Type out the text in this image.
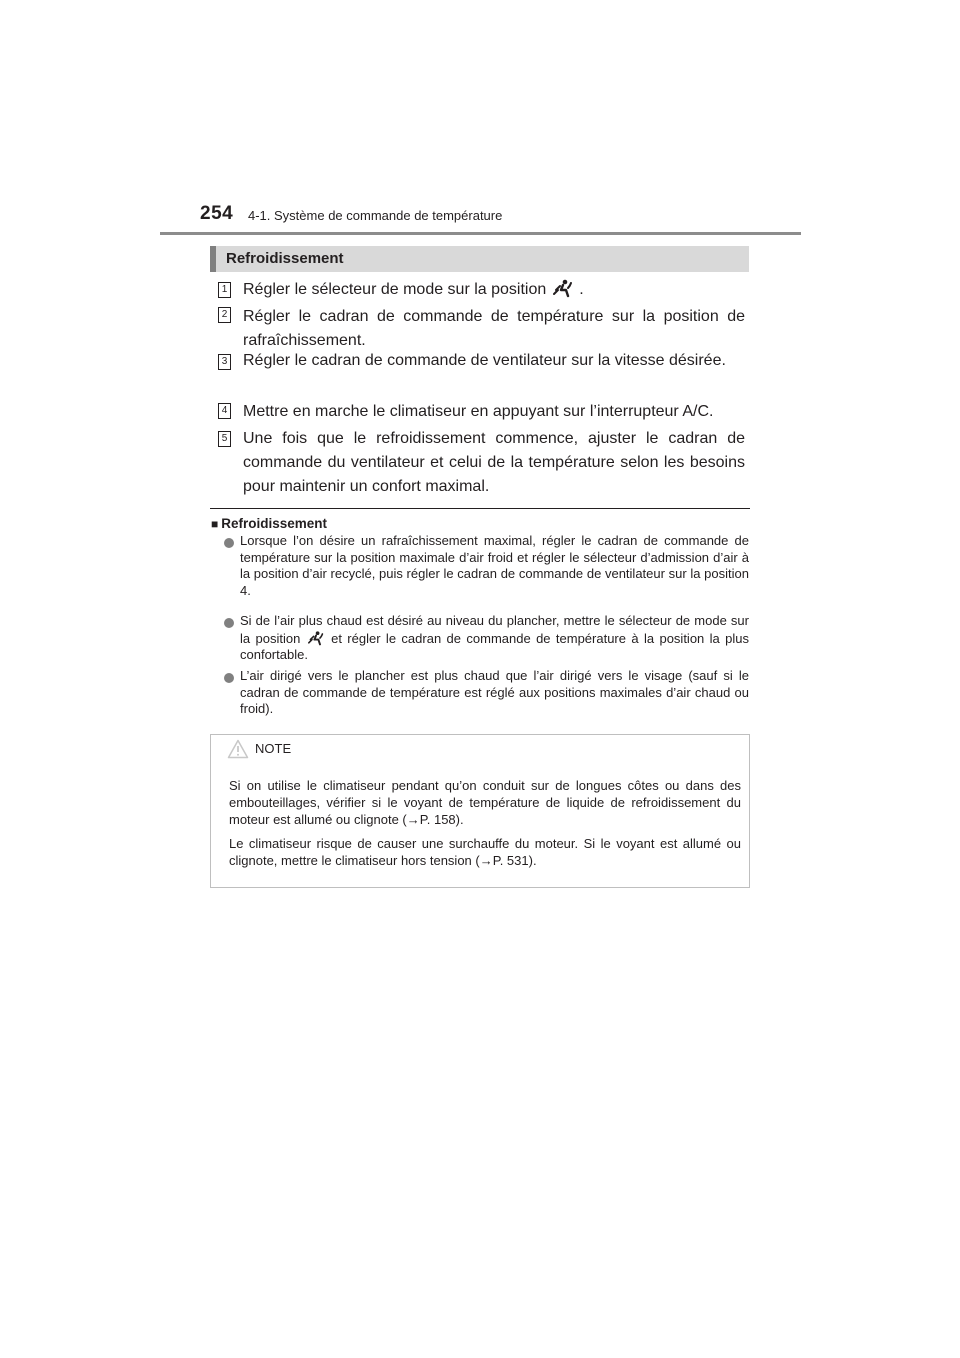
254 4-1. Système de commande de température
Refroidissement
1 Régler le sélecteur de mode sur la position .
2 Régler le cadran de commande de température sur la position de rafraîchissement.
3 Régler le cadran de commande de ventilateur sur la vitesse désirée.
4 Mettre en marche le climatiseur en appuyant sur l’interrupteur A/C.
5 Une fois que le refroidissement commence, ajuster le cadran de commande du ventilateur et celui de la température selon les besoins pour maintenir un confort maximal.
■ Refroidissement
Lorsque l’on désire un rafraîchissement maximal, régler le cadran de commande de température sur la position maximale d’air froid et régler le sélecteur d’admission d’air à la position d’air recyclé, puis régler le cadran de commande de ventilateur sur la position 4.
Si de l’air plus chaud est désiré au niveau du plancher, mettre le sélecteur de mode sur la position et régler le cadran de commande de température à la position la plus confortable.
L’air dirigé vers le plancher est plus chaud que l’air dirigé vers le visage (sauf si le cadran de commande de température est réglé aux positions maximales d’air chaud ou froid).
NOTE
Si on utilise le climatiseur pendant qu’on conduit sur de longues côtes ou dans des embouteillages, vérifier si le voyant de température de liquide de refroidissement du moteur est allumé ou clignote (→P. 158).
Le climatiseur risque de causer une surchauffe du moteur. Si le voyant est allumé ou clignote, mettre le climatiseur hors tension (→P. 531).
